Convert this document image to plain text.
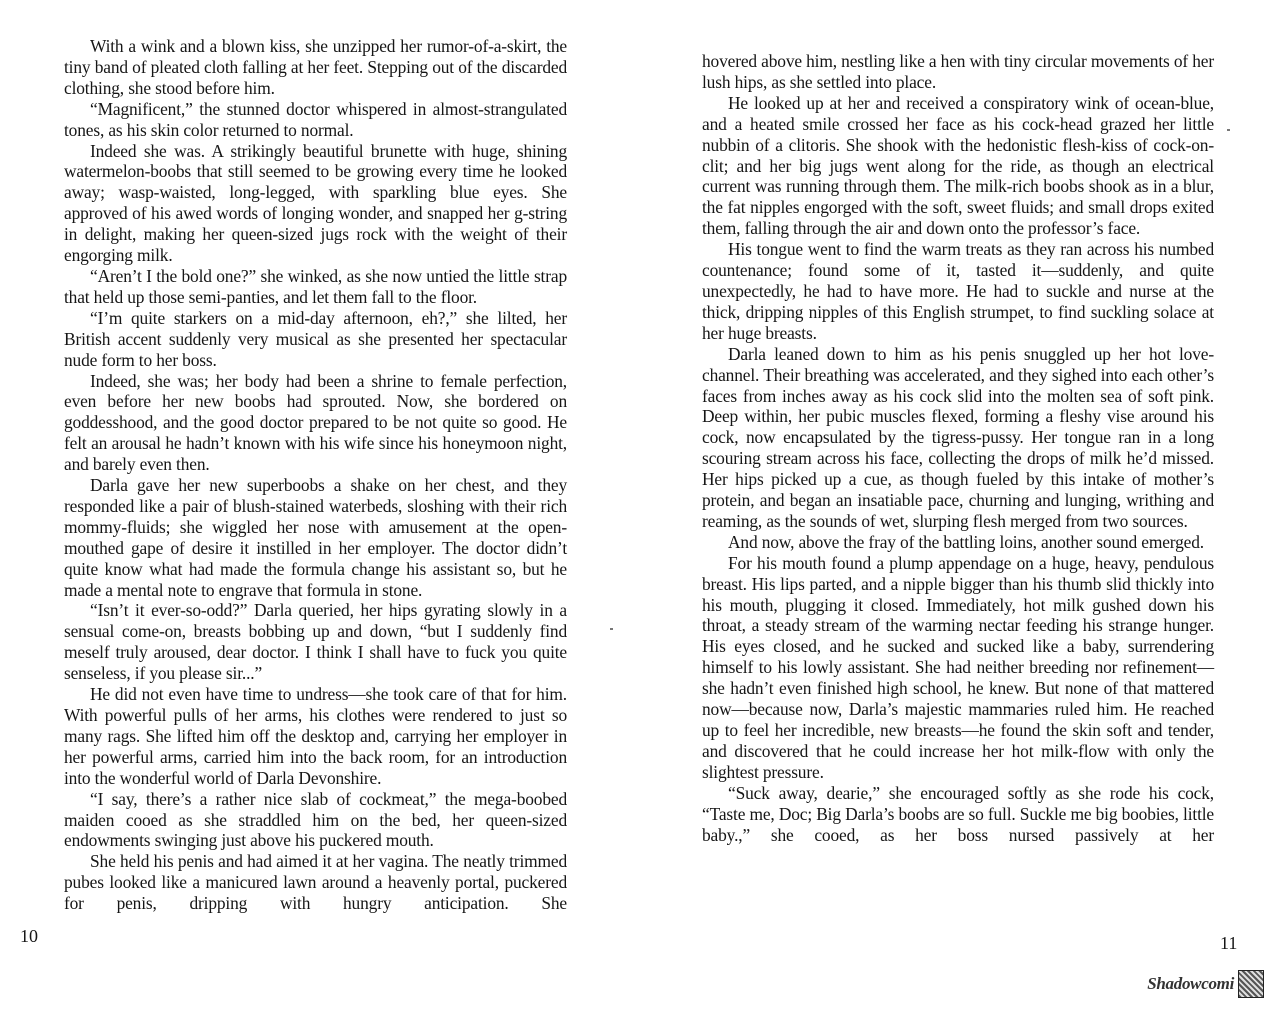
With a wink and a blown kiss, she unzipped her rumor-of-a-skirt, the tiny band of pleated cloth falling at her feet. Stepping out of the discarded clothing, she stood before him.

“Magnificent,” the stunned doctor whispered in almost-strangulated tones, as his skin color returned to normal.

Indeed she was. A strikingly beautiful brunette with huge, shining watermelon-boobs that still seemed to be growing every time he looked away; wasp-waisted, long-legged, with sparkling blue eyes. She approved of his awed words of longing wonder, and snapped her g-string in delight, making her queen-sized jugs rock with the weight of their engorging milk.

“Aren’t I the bold one?” she winked, as she now untied the little strap that held up those semi-panties, and let them fall to the floor.

“I’m quite starkers on a mid-day afternoon, eh?,” she lilted, her British accent suddenly very musical as she presented her spectacular nude form to her boss.

Indeed, she was; her body had been a shrine to female perfection, even before her new boobs had sprouted. Now, she bordered on goddesshood, and the good doctor prepared to be not quite so good. He felt an arousal he hadn’t known with his wife since his honeymoon night, and barely even then.

Darla gave her new superboobs a shake on her chest, and they responded like a pair of blush-stained waterbeds, sloshing with their rich mommy-fluids; she wiggled her nose with amusement at the open-mouthed gape of desire it instilled in her employer. The doctor didn’t quite know what had made the formula change his assistant so, but he made a mental note to engrave that formula in stone.

“Isn’t it ever-so-odd?” Darla queried, her hips gyrating slowly in a sensual come-on, breasts bobbing up and down, “but I suddenly find meself truly aroused, dear doctor. I think I shall have to fuck you quite senseless, if you please sir...”

He did not even have time to undress—she took care of that for him. With powerful pulls of her arms, his clothes were rendered to just so many rags. She lifted him off the desktop and, carrying her employer in her powerful arms, carried him into the back room, for an introduction into the wonderful world of Darla Devonshire.

“I say, there’s a rather nice slab of cockmeat,” the mega-boobed maiden cooed as she straddled him on the bed, her queen-sized endowments swinging just above his puckered mouth.

She held his penis and had aimed it at her vagina. The neatly trimmed pubes looked like a manicured lawn around a heavenly portal, puckered for penis, dripping with hungry anticipation. She

10

hovered above him, nestling like a hen with tiny circular movements of her lush hips, as she settled into place.

He looked up at her and received a conspiratory wink of ocean-blue, and a heated smile crossed her face as his cock-head grazed her little nubbin of a clitoris. She shook with the hedonistic flesh-kiss of cock-on-clit; and her big jugs went along for the ride, as though an electrical current was running through them. The milk-rich boobs shook as in a blur, the fat nipples engorged with the soft, sweet fluids; and small drops exited them, falling through the air and down onto the professor’s face.

His tongue went to find the warm treats as they ran across his numbed countenance; found some of it, tasted it—suddenly, and quite unexpectedly, he had to have more. He had to suckle and nurse at the thick, dripping nipples of this English strumpet, to find suckling solace at her huge breasts.

Darla leaned down to him as his penis snuggled up her hot love-channel. Their breathing was accelerated, and they sighed into each other’s faces from inches away as his cock slid into the molten sea of soft pink. Deep within, her pubic muscles flexed, forming a fleshy vise around his cock, now encapsulated by the tigress-pussy. Her tongue ran in a long scouring stream across his face, collecting the drops of milk he’d missed. Her hips picked up a cue, as though fueled by this intake of mother’s protein, and began an insatiable pace, churning and lunging, writhing and reaming, as the sounds of wet, slurping flesh merged from two sources.

And now, above the fray of the battling loins, another sound emerged.

For his mouth found a plump appendage on a huge, heavy, pendulous breast. His lips parted, and a nipple bigger than his thumb slid thickly into his mouth, plugging it closed. Immediately, hot milk gushed down his throat, a steady stream of the warming nectar feeding his strange hunger. His eyes closed, and he sucked and sucked like a baby, surrendering himself to his lowly assistant. She had neither breeding nor refinement—she hadn’t even finished high school, he knew. But none of that mattered now—because now, Darla’s majestic mammaries ruled him. He reached up to feel her incredible, new breasts—he found the skin soft and tender, and discovered that he could increase her hot milk-flow with only the slightest pressure.

“Suck away, dearie,” she encouraged softly as she rode his cock, “Taste me, Doc; Big Darla’s boobs are so full. Suckle me big boobies, little baby.,” she cooed, as her boss nursed passively at her

11
Shadowcomi
